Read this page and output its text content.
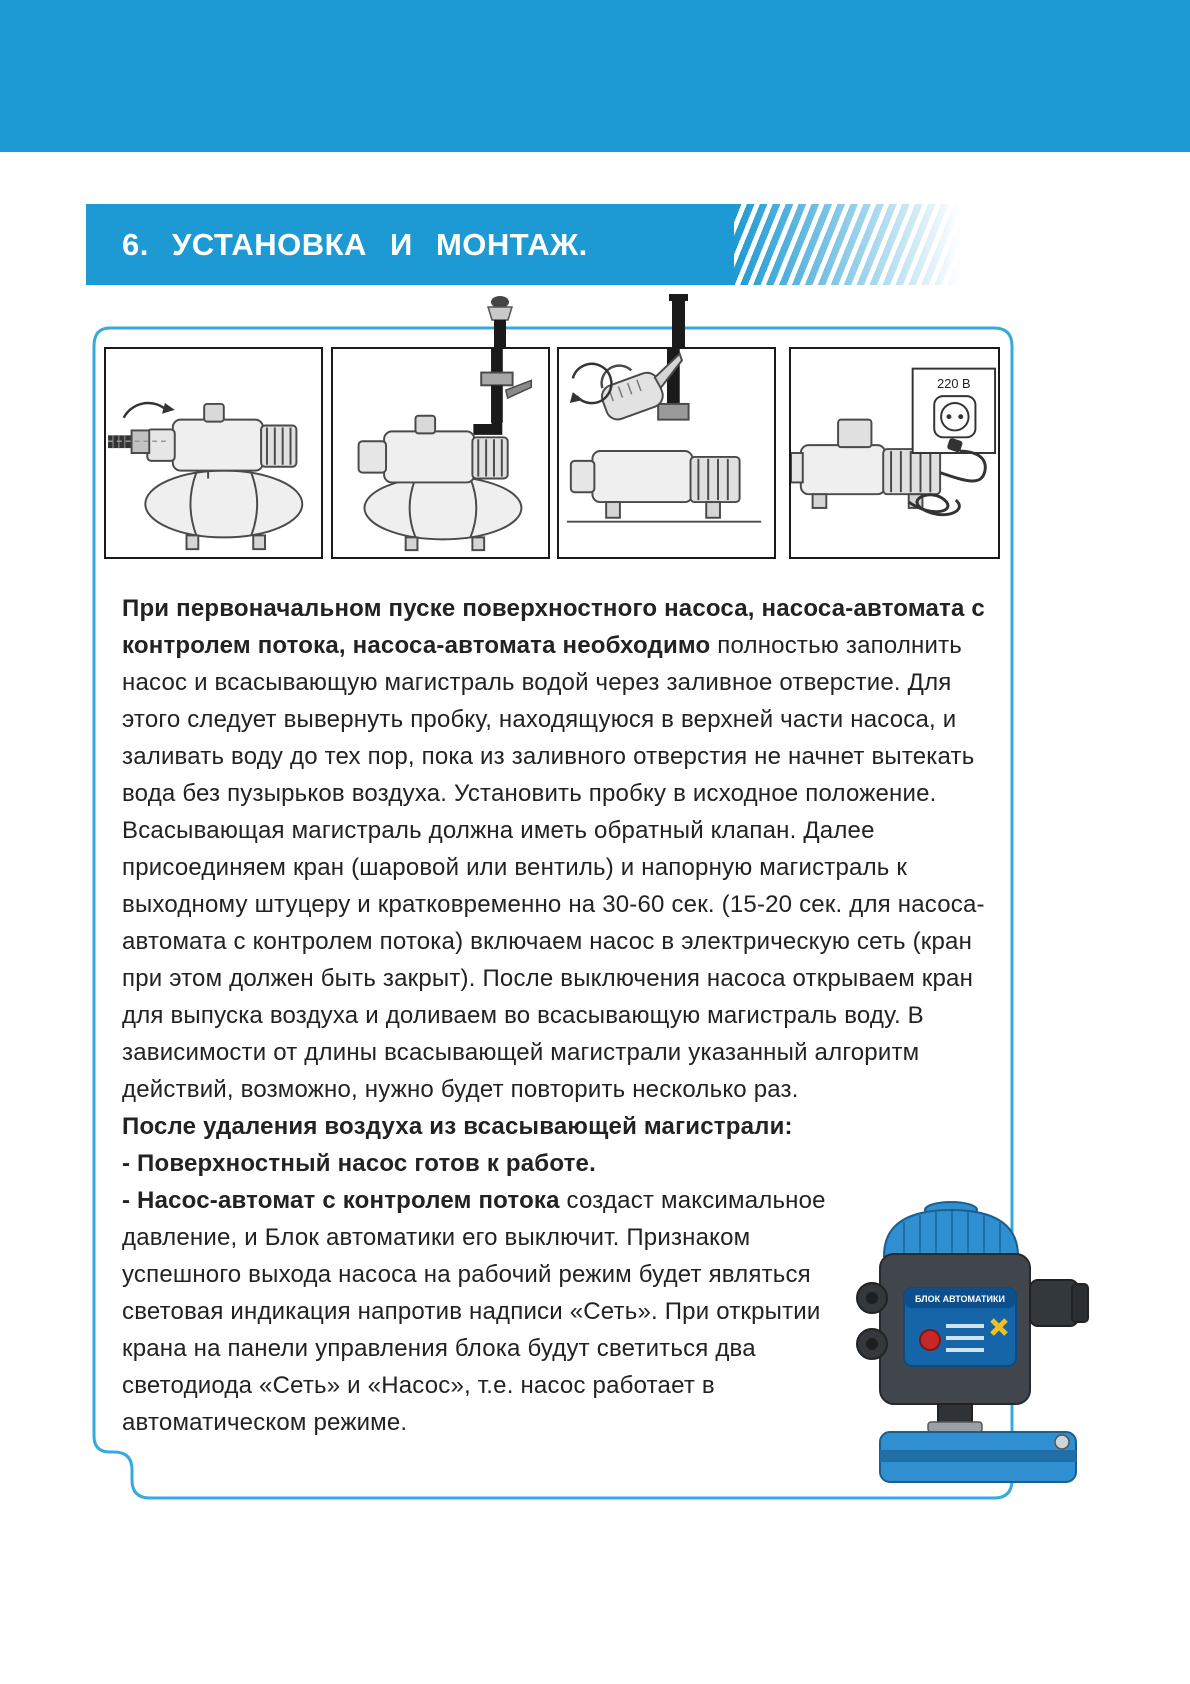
6. УСТАНОВКА И МОНТАЖ.
220 В

При первоначальном пуске поверхностного насоса, насоса-автомата с контролем потока, насоса-автомата необходимо полностью заполнить насос и всасывающую магистраль водой через заливное отверстие. Для этого следует вывернуть пробку, находящуюся в верхней части насоса, и заливать воду до тех пор, пока из заливного отверстия не начнет вытекать вода без пузырьков воздуха. Установить пробку в исходное положение. Всасывающая магистраль должна иметь обратный клапан. Далее присоединяем кран (шаровой или вентиль) и напорную магистраль к выходному штуцеру и кратковременно на 30-60 сек. (15-20 сек. для насоса-автомата с контролем потока) включаем насос в электрическую сеть (кран при этом должен быть закрыт). После выключения насоса открываем кран для выпуска воздуха и доливаем во всасывающую магистраль воду. В зависимости от длины всасывающей магистрали указанный алгоритм действий, возможно, нужно будет повторить несколько раз.

После удаления воздуха из всасывающей магистрали:

- Поверхностный насос готов к работе.

- Насос-автомат с контролем потока создаст максимальное давление, и Блок автоматики его выключит. Признаком успешного выхода насоса на рабочий режим будет являться световая индикация напротив надписи «Сеть». При открытии крана на панели управления блока будут светиться два светодиода «Сеть» и «Насос», т.е. насос работает в автоматическом режиме.

БЛОК АВТОМАТИКИ
